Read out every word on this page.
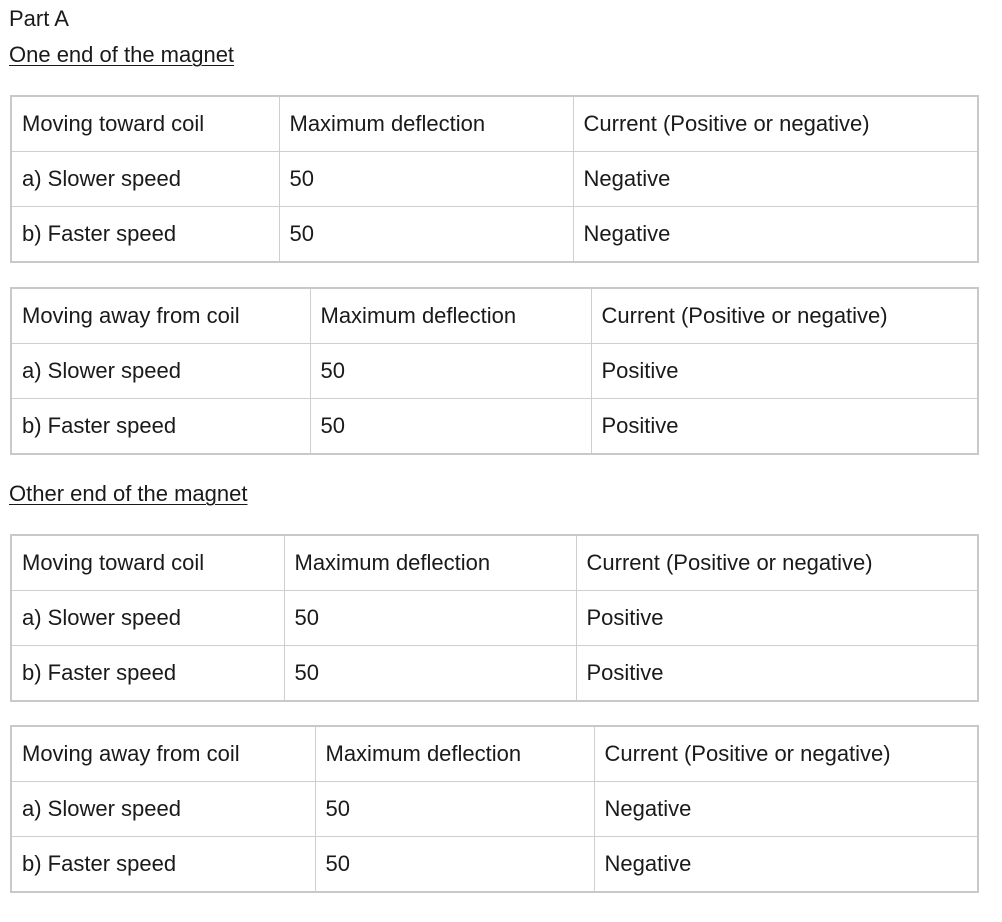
Part A
One end of the magnet
Moving toward coil	Maximum deflection	Current (Positive or negative)
a) Slower speed	50	Negative
b) Faster speed	50	Negative
Moving away from coil	Maximum deflection	Current (Positive or negative)
a) Slower speed	50	Positive
b) Faster speed	50	Positive
Other end of the magnet
Moving toward coil	Maximum deflection	Current (Positive or negative)
a) Slower speed	50	Positive
b) Faster speed	50	Positive
Moving away from coil	Maximum deflection	Current (Positive or negative)
a) Slower speed	50	Negative
b) Faster speed	50	Negative
